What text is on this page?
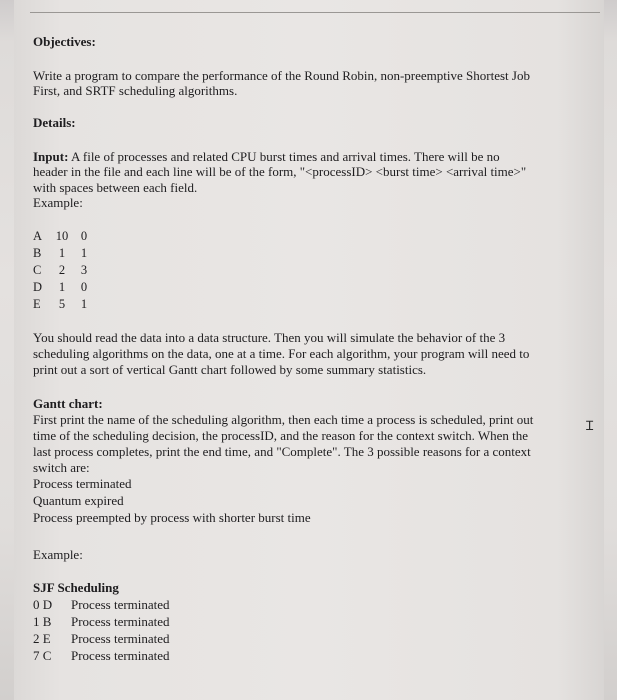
Objectives:
Write a program to compare the performance of the Round Robin, non-preemptive Shortest Job
First, and SRTF scheduling algorithms.
Details:
Input: A file of processes and related CPU burst times and arrival times. There will be no
header in the file and each line will be of the form, "<processID> <burst time> <arrival time>"
with spaces between each field.
Example:
A 10 0
B 1 1
C 2 3
D 1 0
E 5 1
You should read the data into a data structure. Then you will simulate the behavior of the 3
scheduling algorithms on the data, one at a time. For each algorithm, your program will need to
print out a sort of vertical Gantt chart followed by some summary statistics.
Gantt chart:
First print the name of the scheduling algorithm, then each time a process is scheduled, print out
time of the scheduling decision, the processID, and the reason for the context switch. When the
last process completes, print the end time, and "Complete". The 3 possible reasons for a context
switch are:
Process terminated
Quantum expired
Process preempted by process with shorter burst time
Ɪ
Example:
SJF Scheduling
0 D Process terminated
1 B Process terminated
2 E Process terminated
7 C Process terminated
